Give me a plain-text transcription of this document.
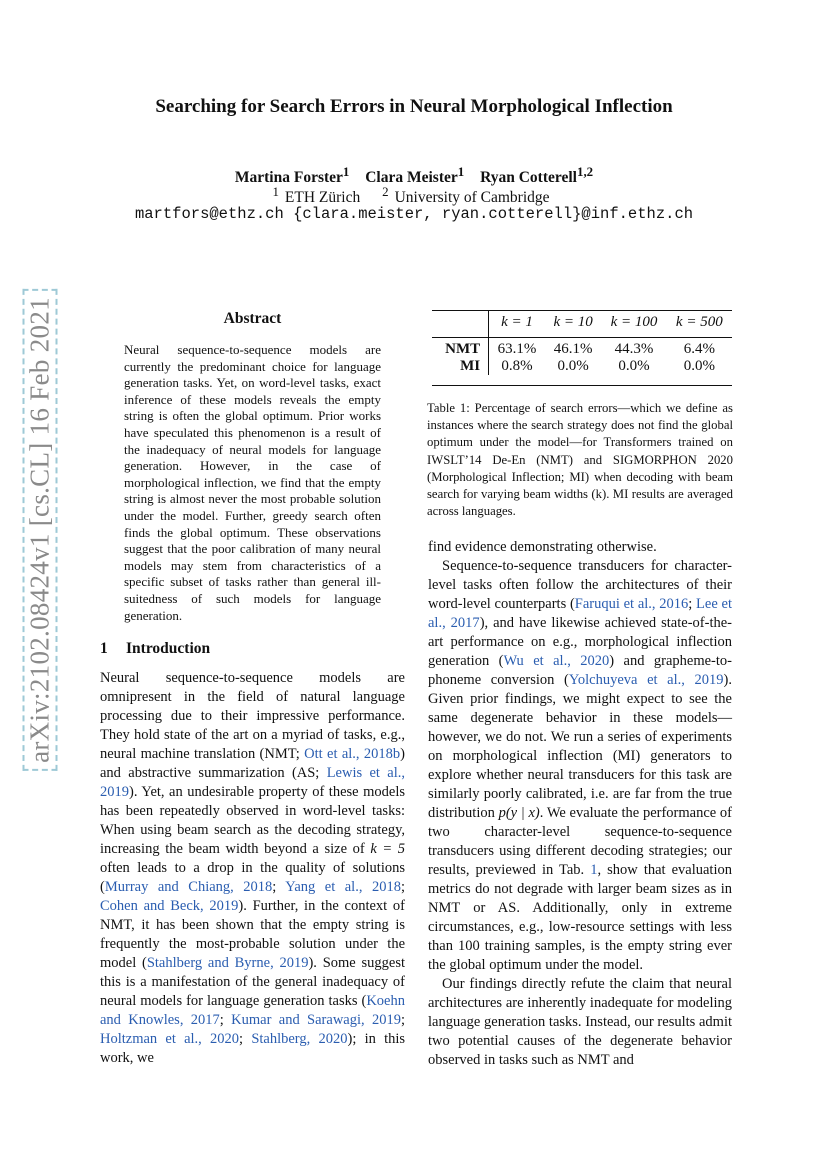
Searching for Search Errors in Neural Morphological Inflection
Martina Forster$^1$ Clara Meister$^1$ Ryan Cotterell$^{1,2}$
$^1$ ETH Zürich $^2$ University of Cambridge
martfors@ethz.ch {clara.meister, ryan.cotterell}@inf.ethz.ch
arXiv:2102.08424v1 [cs.CL] 16 Feb 2021	Abstract
Neural sequence-to-sequence models are currently the predominant choice for language generation tasks. Yet, on word-level tasks, exact inference of these models reveals the empty string is often the global optimum. Prior works have speculated this phenomenon is a result of the inadequacy of neural models for language generation. However, in the case of morphological inflection, we find that the empty string is almost never the most probable solution under the model. Further, greedy search often finds the global optimum. These observations suggest that the poor calibration of many neural models may stem from characteristics of a specific subset of tasks rather than general ill-suitedness of such models for language generation.
1 Introduction

Neural sequence-to-sequence models are omnipresent in the field of natural language processing due to their impressive performance. They hold state of the art on a myriad of tasks, e.g., neural machine translation (NMT; Ott et al., 2018b) and abstractive summarization (AS; Lewis et al., 2019). Yet, an undesirable property of these models has been repeatedly observed in word-level tasks: When using beam search as the decoding strategy, increasing the beam width beyond a size of k = 5 often leads to a drop in the quality of solutions (Murray and Chiang, 2018; Yang et al., 2018; Cohen and Beck, 2019). Further, in the context of NMT, it has been shown that the empty string is frequently the most-probable solution under the model (Stahlberg and Byrne, 2019). Some suggest this is a manifestation of the general inadequacy of neural models for language generation tasks (Koehn and Knowles, 2017; Kumar and Sarawagi, 2019; Holtzman et al., 2020; Stahlberg, 2020); in this work, we

	k = 1	k = 10	k = 100	k = 500
NMT	63.1%	46.1%	44.3%	6.4%
MI	0.8%	0.0%	0.0%	0.0%
Table 1: Percentage of search errors—which we define as instances where the search strategy does not find the global optimum under the model—for Transformers trained on IWSLT’14 De-En (NMT) and SIGMORPHON 2020 (Morphological Inflection; MI) when decoding with beam search for varying beam widths (k). MI results are averaged across languages.

find evidence demonstrating otherwise.

Sequence-to-sequence transducers for character-level tasks often follow the architectures of their word-level counterparts (Faruqui et al., 2016; Lee et al., 2017), and have likewise achieved state-of-the-art performance on e.g., morphological inflection generation (Wu et al., 2020) and grapheme-to-phoneme conversion (Yolchuyeva et al., 2019). Given prior findings, we might expect to see the same degenerate behavior in these models—however, we do not. We run a series of experiments on morphological inflection (MI) generators to explore whether neural transducers for this task are similarly poorly calibrated, i.e. are far from the true distribution p(y | x). We evaluate the performance of two character-level sequence-to-sequence transducers using different decoding strategies; our results, previewed in Tab. 1, show that evaluation metrics do not degrade with larger beam sizes as in NMT or AS. Additionally, only in extreme circumstances, e.g., low-resource settings with less than 100 training samples, is the empty string ever the global optimum under the model.

Our findings directly refute the claim that neural architectures are inherently inadequate for modeling language generation tasks. Instead, our results admit two potential causes of the degenerate behavior observed in tasks such as NMT and
